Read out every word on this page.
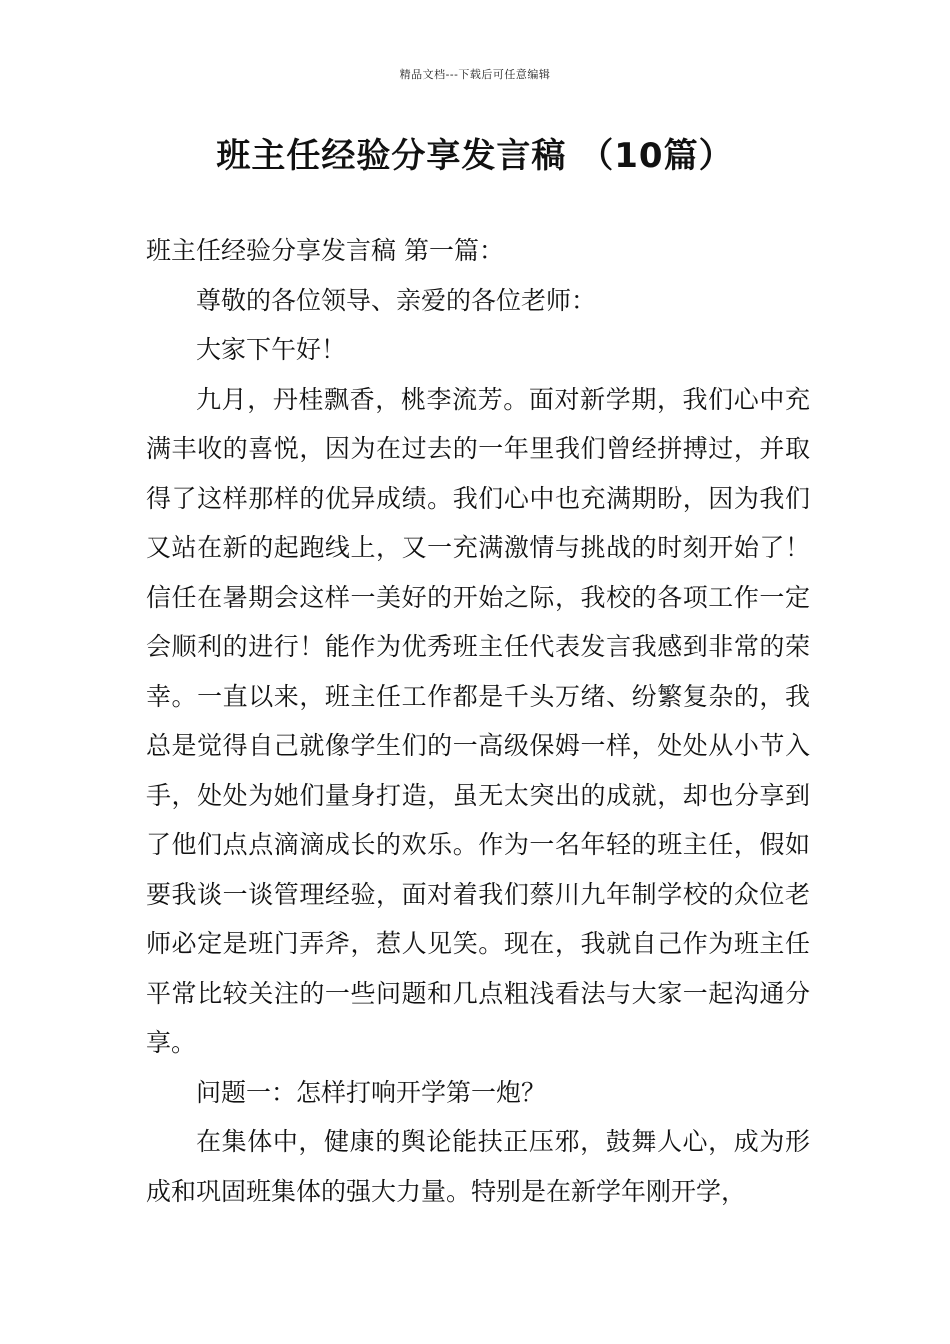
精品文档---下载后可任意编辑
班主任经验分享发言稿 （10篇）

班主任经验分享发言稿 第一篇：

尊敬的各位领导、亲爱的各位老师：

大家下午好！

九月，丹桂飘香，桃李流芳。面对新学期，我们心中充满丰收的喜悦，因为在过去的一年里我们曾经拼搏过，并取得了这样那样的优异成绩。我们心中也充满期盼，因为我们又站在新的起跑线上，又一充满激情与挑战的时刻开始了！信任在暑期会这样一美好的开始之际，我校的各项工作一定会顺利的进行！能作为优秀班主任代表发言我感到非常的荣幸。一直以来，班主任工作都是千头万绪、纷繁复杂的，我总是觉得自己就像学生们的一高级保姆一样，处处从小节入手，处处为她们量身打造，虽无太突出的成就，却也分享到了他们点点滴滴成长的欢乐。作为一名年轻的班主任，假如要我谈一谈管理经验，面对着我们蔡川九年制学校的众位老师必定是班门弄斧，惹人见笑。现在，我就自己作为班主任平常比较关注的一些问题和几点粗浅看法与大家一起沟通分享。

问题一：怎样打响开学第一炮？

在集体中，健康的舆论能扶正压邪，鼓舞人心，成为形成和巩固班集体的强大力量。特别是在新学年刚开学，
